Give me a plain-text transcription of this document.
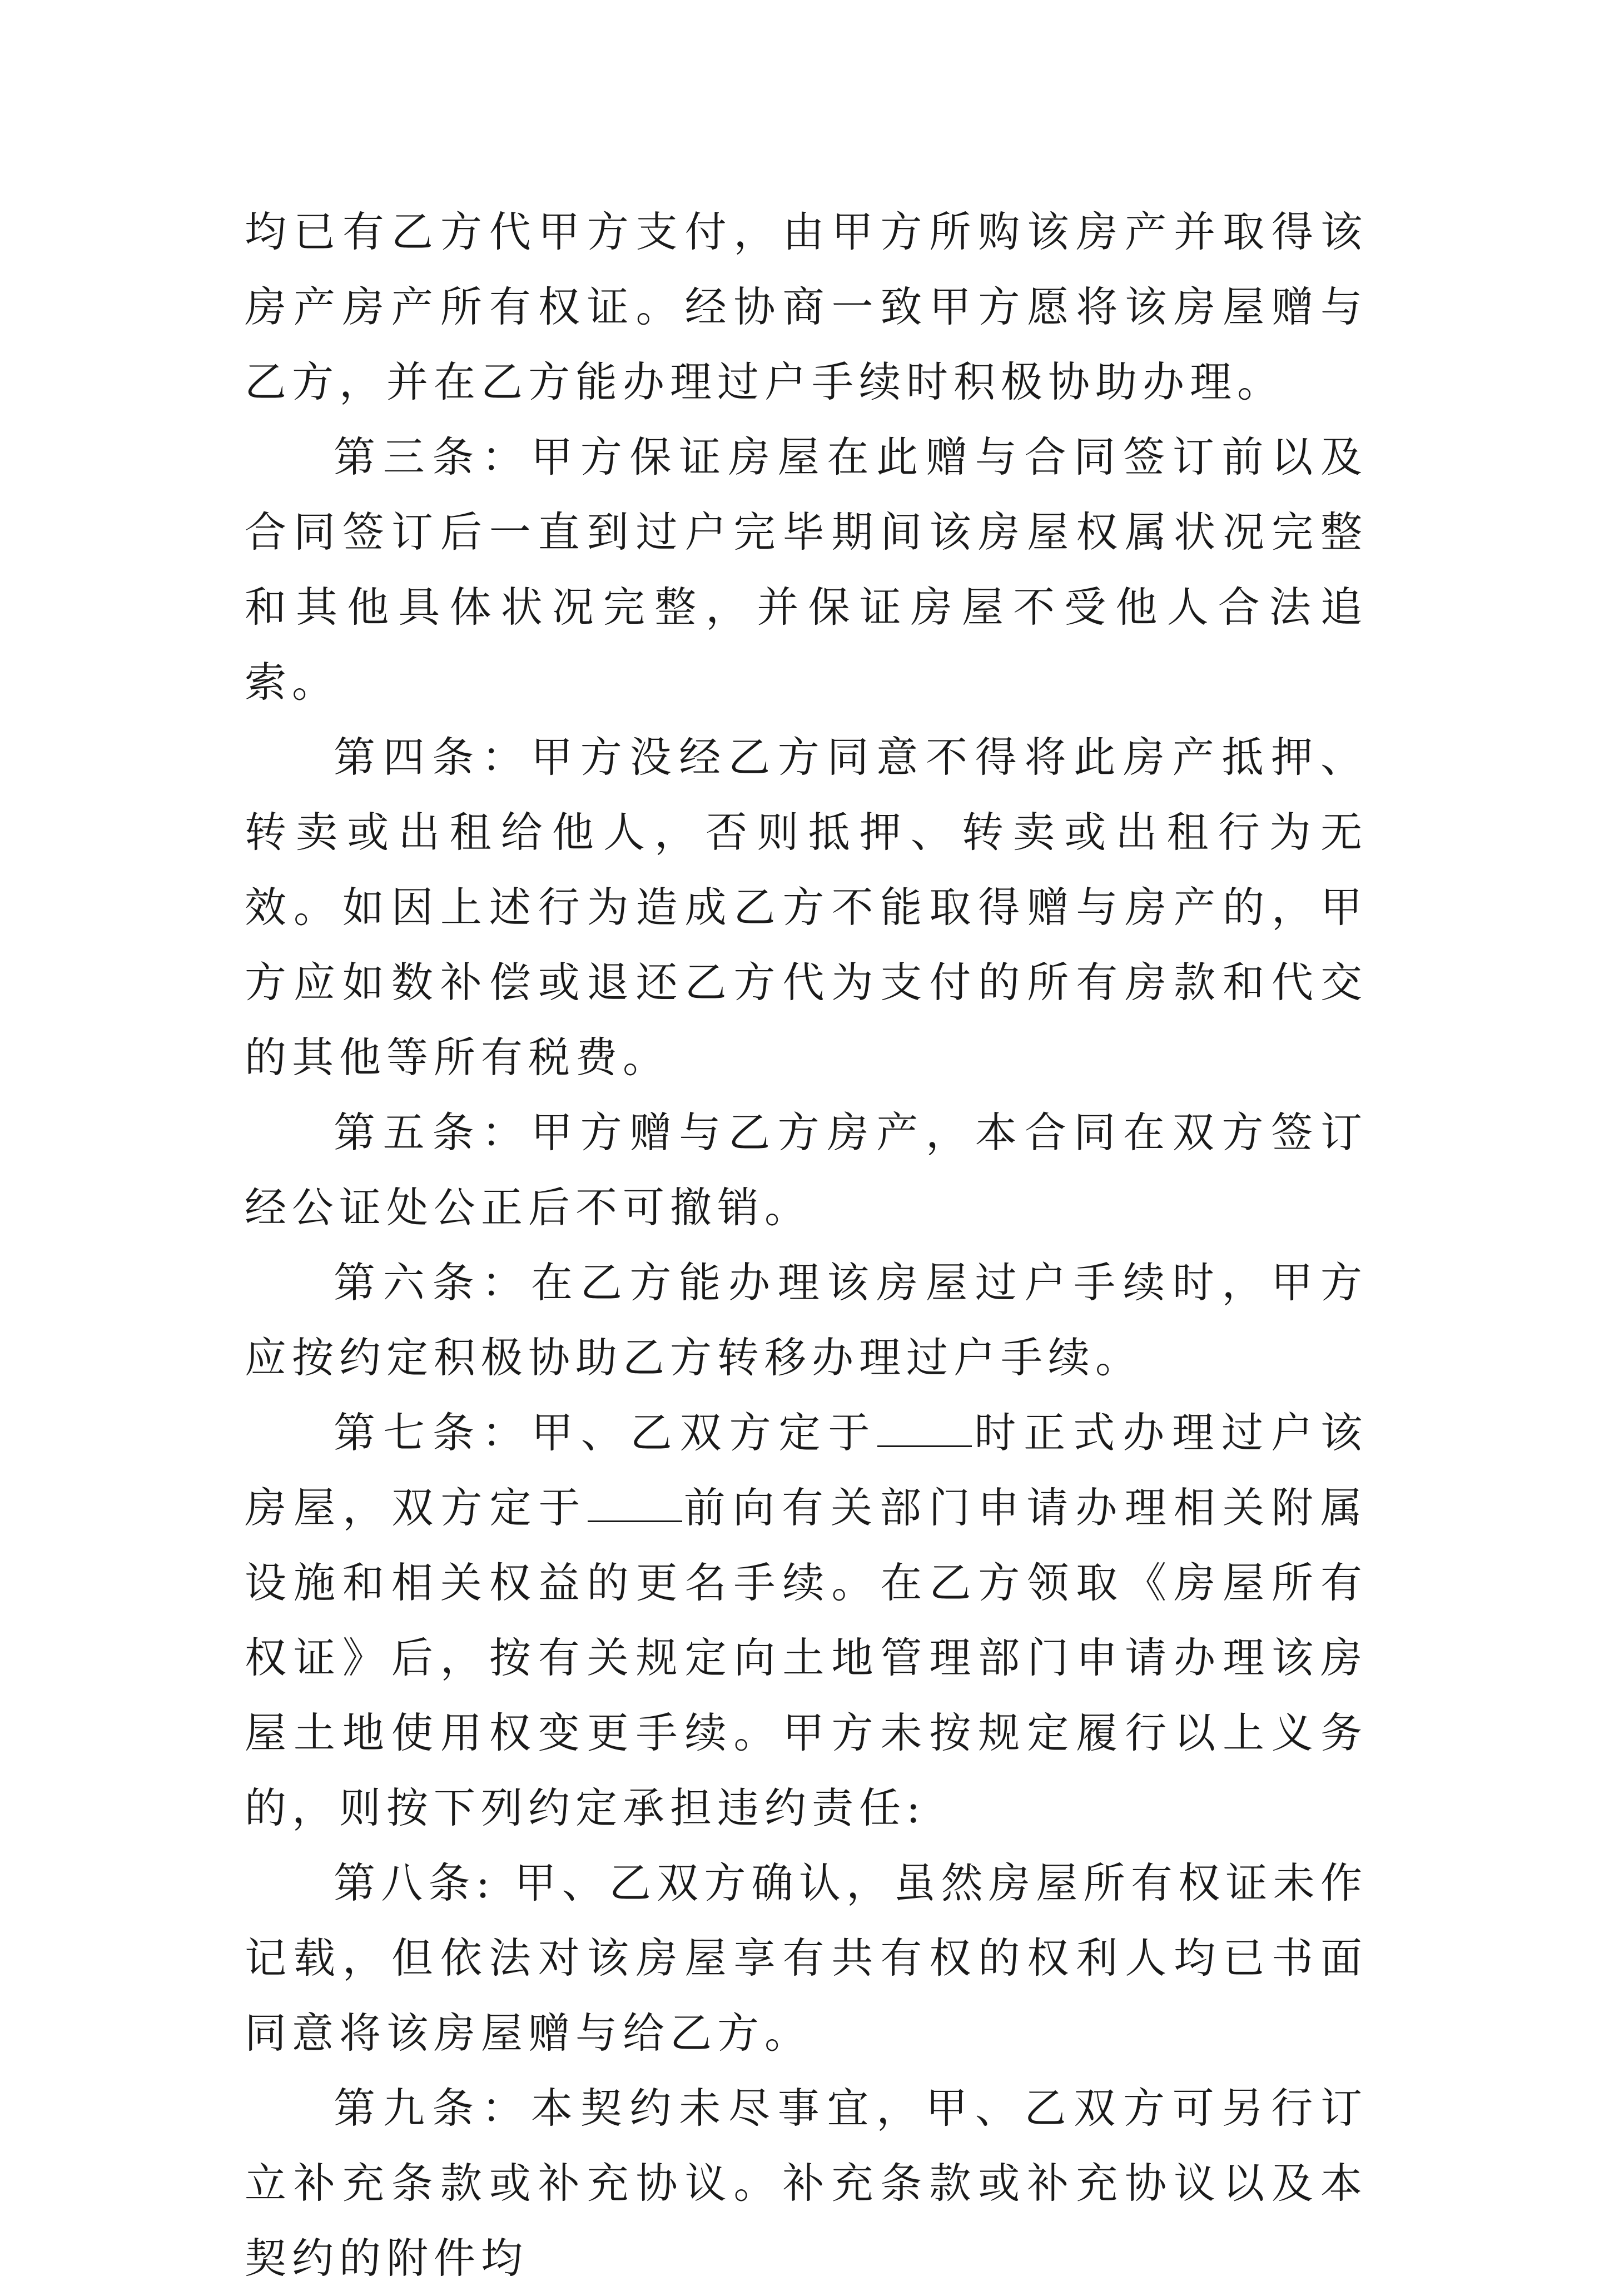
均已有乙方代甲方支付，由甲方所购该房产并取得该房产房产所有权证。经协商一致甲方愿将该房屋赠与乙方，并在乙方能办理过户手续时积极协助办理。

第三条：甲方保证房屋在此赠与合同签订前以及合同签订后一直到过户完毕期间该房屋权属状况完整和其他具体状况完整，并保证房屋不受他人合法追索。

第四条：甲方没经乙方同意不得将此房产抵押、转卖或出租给他人，否则抵押、转卖或出租行为无效。如因上述行为造成乙方不能取得赠与房产的，甲方应如数补偿或退还乙方代为支付的所有房款和代交的其他等所有税费。

第五条：甲方赠与乙方房产，本合同在双方签订经公证处公正后不可撤销。

第六条：在乙方能办理该房屋过户手续时，甲方应按约定积极协助乙方转移办理过户手续。

第七条：甲、乙双方定于 时正式办理过户该房屋，双方定于 前向有关部门申请办理相关附属设施和相关权益的更名手续。在乙方领取《房屋所有权证》后，按有关规定向土地管理部门申请办理该房屋土地使用权变更手续。甲方未按规定履行以上义务的，则按下列约定承担违约责任:

第八条: 甲、乙双方确认，虽然房屋所有权证未作记载，但依法对该房屋享有共有权的权利人均已书面同意将该房屋赠与给乙方。

第九条：本契约未尽事宜，甲、乙双方可另行订立补充条款或补充协议。补充条款或补充协议以及本契约的附件均
